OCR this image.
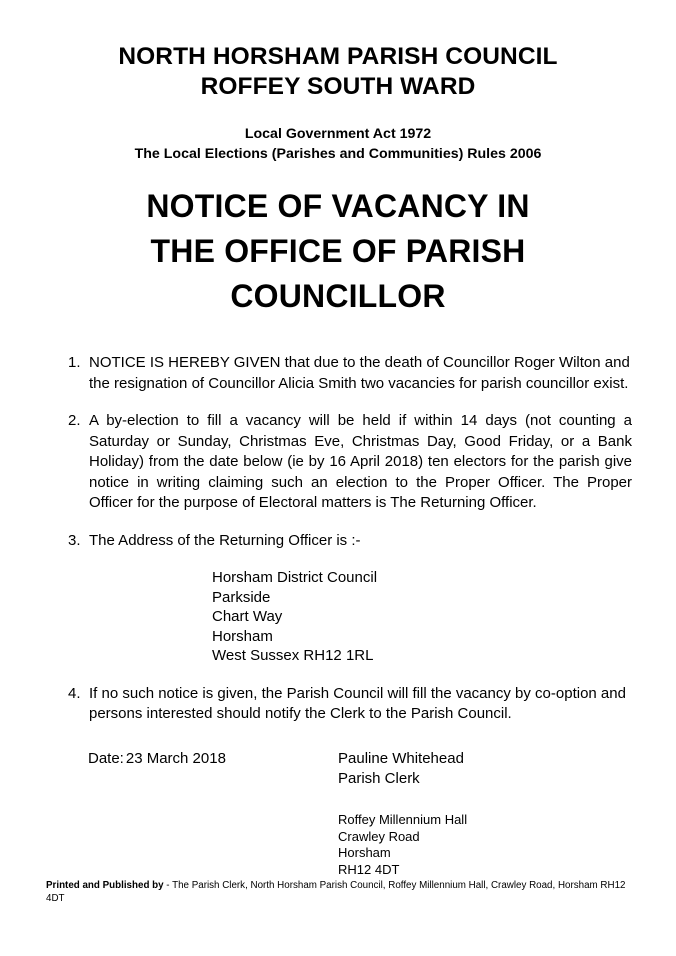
NORTH HORSHAM PARISH COUNCIL
ROFFEY SOUTH WARD
Local Government Act 1972
The Local Elections (Parishes and Communities) Rules 2006
NOTICE OF VACANCY IN
THE OFFICE OF PARISH
COUNCILLOR
1. NOTICE IS HEREBY GIVEN that due to the death of Councillor Roger Wilton and the resignation of Councillor Alicia Smith two vacancies for parish councillor exist.
2. A by-election to fill a vacancy will be held if within 14 days (not counting a Saturday or Sunday, Christmas Eve, Christmas Day, Good Friday, or a Bank Holiday) from the date below (ie by 16 April 2018) ten electors for the parish give notice in writing claiming such an election to the Proper Officer. The Proper Officer for the purpose of Electoral matters is The Returning Officer.
3. The Address of the Returning Officer is :-
Horsham District Council
Parkside
Chart Way
Horsham
West Sussex RH12 1RL
4. If no such notice is given, the Parish Council will fill the vacancy by co-option and persons interested should notify the Clerk to the Parish Council.
Date: 23 March 2018	Pauline Whitehead
Parish Clerk
Roffey Millennium Hall
Crawley Road
Horsham
RH12 4DT
Printed and Published by - The Parish Clerk, North Horsham Parish Council, Roffey Millennium Hall, Crawley Road, Horsham RH12 4DT
